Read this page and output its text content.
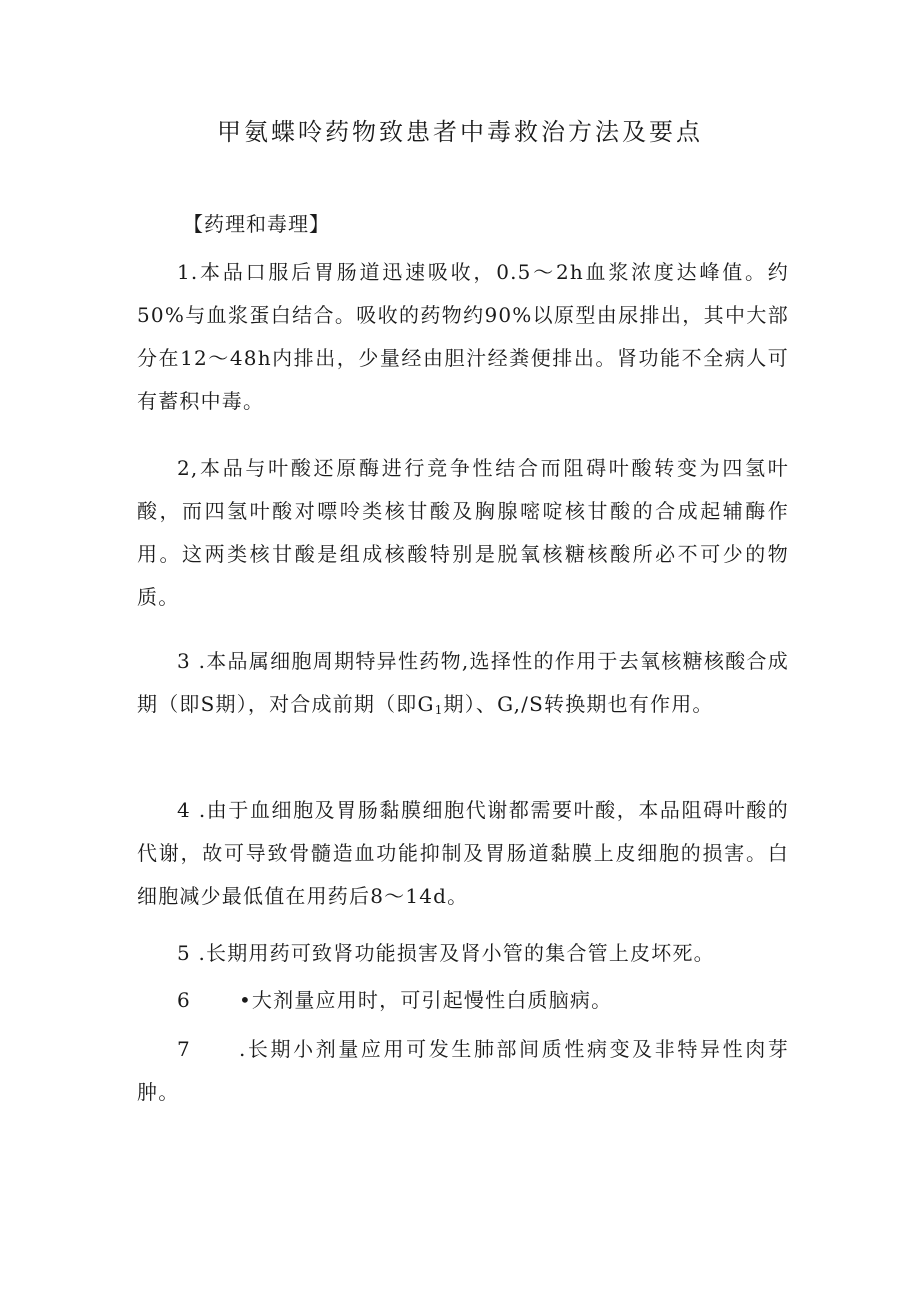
甲氨蝶呤药物致患者中毒救治方法及要点
【药理和毒理】

1.本品口服后胃肠道迅速吸收，0.5～2h血浆浓度达峰值。约50%与血浆蛋白结合。吸收的药物约90%以原型由尿排出，其中大部分在12～48h内排出，少量经由胆汁经粪便排出。肾功能不全病人可有蓄积中毒。

2,本品与叶酸还原酶进行竞争性结合而阻碍叶酸转变为四氢叶酸，而四氢叶酸对嘌呤类核甘酸及胸腺嘧啶核甘酸的合成起辅酶作用。这两类核甘酸是组成核酸特别是脱氧核糖核酸所必不可少的物质。

3 .本品属细胞周期特异性药物,选择性的作用于去氧核糖核酸合成期（即S期），对合成前期（即$G_1$期）、G,/S转换期也有作用。

4 .由于血细胞及胃肠黏膜细胞代谢都需要叶酸，本品阻碍叶酸的代谢，故可导致骨髓造血功能抑制及胃肠道黏膜上皮细胞的损害。白细胞减少最低值在用药后8～14d。

5 .长期用药可致肾功能损害及肾小管的集合管上皮坏死。

6 •大剂量应用时，可引起慢性白质脑病。

7 .长期小剂量应用可发生肺部间质性病变及非特异性肉芽肿。
